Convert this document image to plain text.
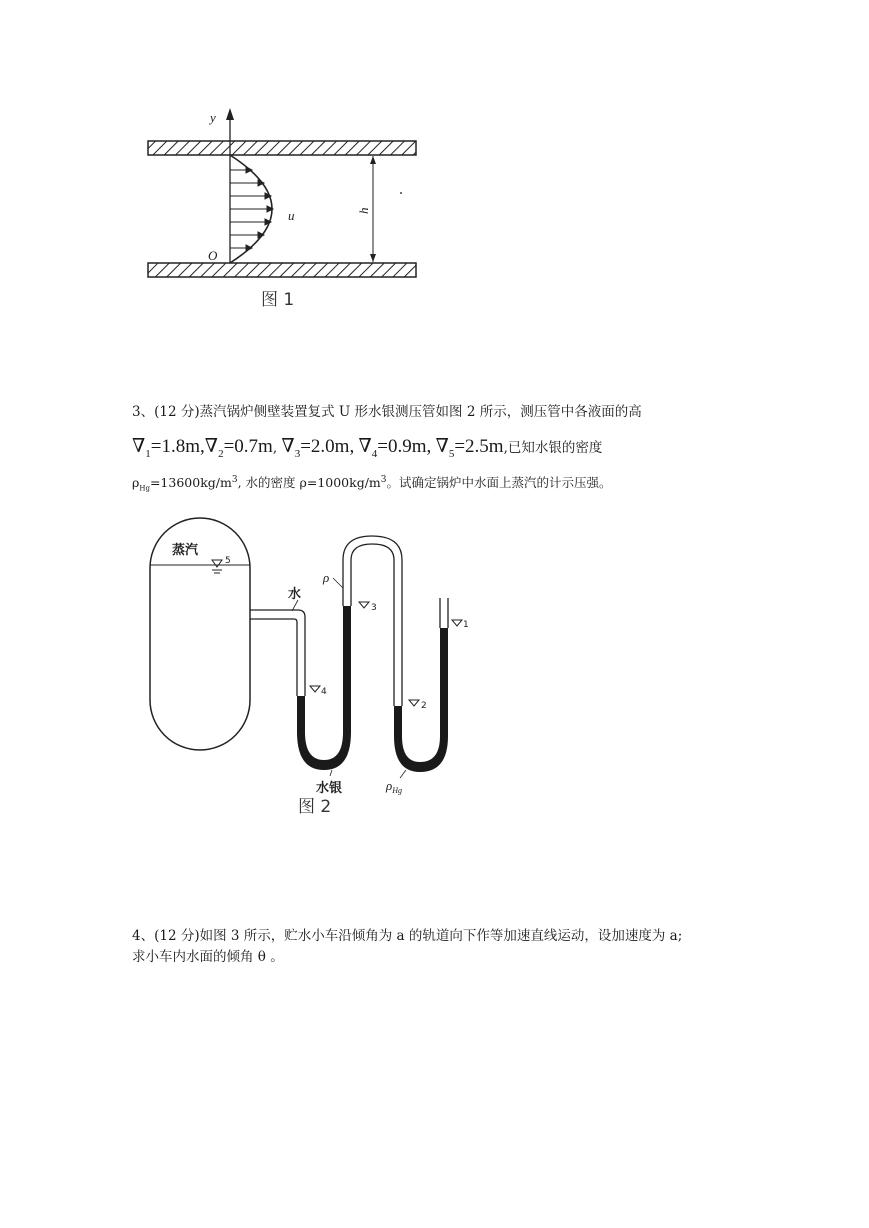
y
O
u	h
图 1
3、(12 分)蒸汽锅炉侧壁装置复式 U 形水银测压管如图 2 所示，测压管中各液面的高
$\nabla_1=1.8m,\nabla_2=0.7m$, $\nabla_3=2.0m$, $\nabla_4=0.9m$, $\nabla_5=2.5m$,已知水银的密度
$\rho_{Hg}=13600kg/m^3$, 水的密度 $\rho=1000kg/m^3$。试确定锅炉中水面上蒸汽的计示压强。
蒸汽
5
水
4
ρ
3
2
1
水银	$\rho_{Hg}$
图 2
4、(12 分)如图 3 所示，贮水小车沿倾角为 a 的轨道向下作等加速直线运动，设加速度为 a;
求小车内水面的倾角 θ 。
